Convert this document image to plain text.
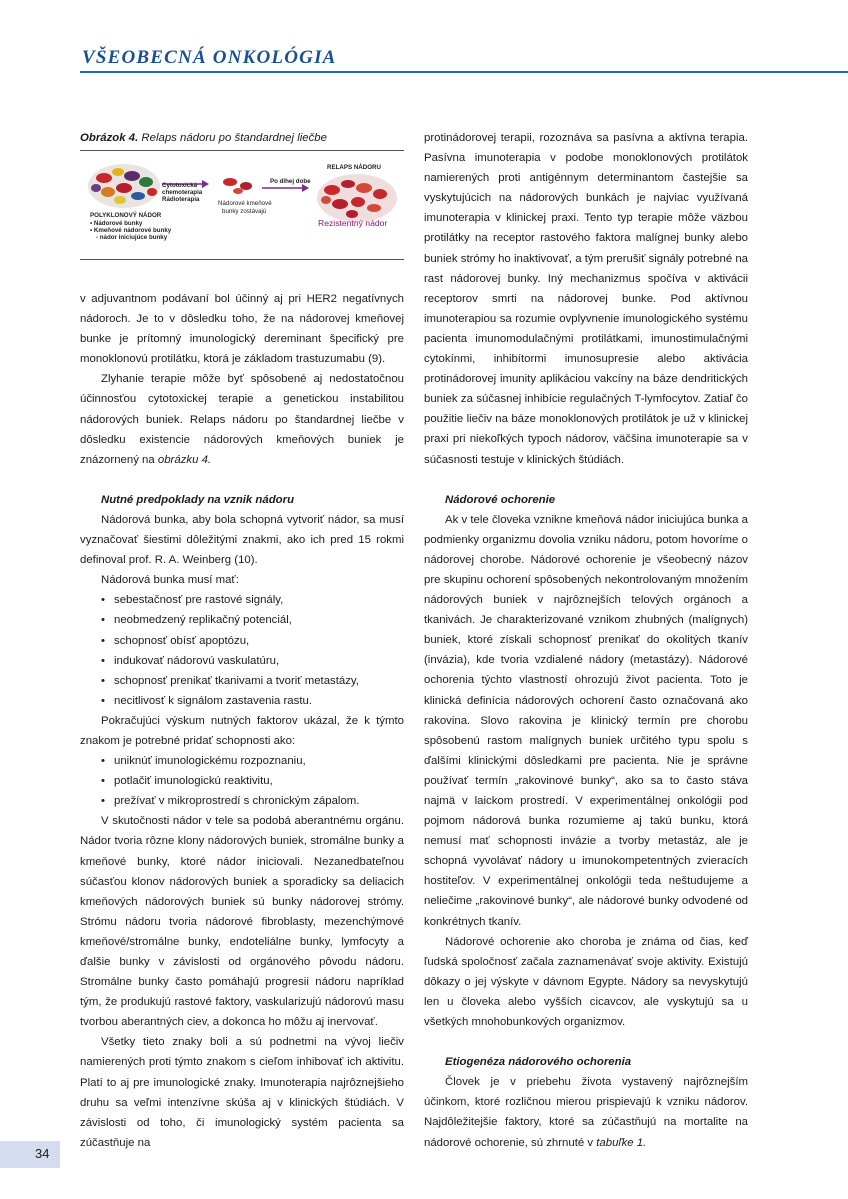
VŠEOBECNÁ ONKOLÓGIA
Obrázok 4. Relaps nádoru po štandardnej liečbe
Cytotoxická
chemoterapia
Rádioterapia
Po dlhej dobe
RELAPS NÁDORU
Nádorové kmeňové
bunky zostávajú
POLYKLONOVÝ NÁDOR
• Nádorové bunky
• Kmeňové nádorové bunky
- nádor iniciujúce bunky
Rezistentný nádor

v adjuvantnom podávaní bol účinný aj pri HER2 negatívnych nádoroch. Je to v dôsledku toho, že na nádorovej kmeňovej bunke je prítomný imunologický dereminant špecifický pre monoklonovú protilátku, ktorá je základom trastuzumabu (9).

Zlyhanie terapie môže byť spôsobené aj nedostatočnou účinnosťou cytotoxickej terapie a genetickou instabilitou nádorových buniek. Relaps nádoru po štandardnej liečbe v dôsledku existencie nádorových kmeňových buniek je znázornený na obrázku 4.

Nutné predpoklady na vznik nádoru

Nádorová bunka, aby bola schopná vytvoriť nádor, sa musí vyznačovať šiestimi dôležitými znakmi, ako ich pred 15 rokmi definoval prof. R. A. Weinberg (10).

Nádorová bunka musí mať:

• sebestačnosť pre rastové signály,
• neobmedzený replikačný potenciál,
• schopnosť obísť apoptózu,
• indukovať nádorovú vaskulatúru,
• schopnosť prenikať tkanivami a tvoriť metastázy,
• necitlivosť k signálom zastavenia rastu.

Pokračujúci výskum nutných faktorov ukázal, že k týmto znakom je potrebné pridať schopnosti ako:

• uniknúť imunologickému rozpoznaniu,
• potlačiť imunologickú reaktivitu,
• prežívať v mikroprostredí s chronickým zápalom.

V skutočnosti nádor v tele sa podobá aberantnému orgánu. Nádor tvoria rôzne klony nádorových buniek, stromálne bunky a kmeňové bunky, ktoré nádor iniciovali. Nezanedbateľnou súčasťou klonov nádorových buniek a sporadicky sa deliacich kmeňových nádorových buniek sú bunky nádorovej strómy. Strómu nádoru tvoria nádorové fibroblasty, mezenchýmové kmeňové/stromálne bunky, endoteliálne bunky, lymfocyty a ďalšie bunky v závislosti od orgánového pôvodu nádoru. Stromálne bunky často pomáhajú progresii nádoru napríklad tým, že produkujú rastové faktory, vaskularizujú nádorovú masu tvorbou aberantných ciev, a dokonca ho môžu aj inervovať.

Všetky tieto znaky boli a sú podnetmi na vývoj liečiv namierených proti týmto znakom s cieľom inhibovať ich aktivitu. Platí to aj pre imunologické znaky. Imunoterapia najrôznejšieho druhu sa veľmi intenzívne skúša aj v klinických štúdiách. V závislosti od toho, či imunologický systém pacienta sa zúčastňuje na

protinádorovej terapii, rozoznáva sa pasívna a aktívna terapia. Pasívna imunoterapia v podobe monoklonových protilátok namierených proti antigénnym determinantom častejšie sa vyskytujúcich na nádorových bunkách je najviac využívaná imunoterapia v klinickej praxi. Tento typ terapie môže väzbou protilátky na receptor rastového faktora malígnej bunky alebo buniek strómy ho inaktivovať, a tým prerušiť signály potrebné na rast nádorovej bunky. Iný mechanizmus spočíva v aktivácii receptorov smrti na nádorovej bunke. Pod aktívnou imunoterapiou sa rozumie ovplyvnenie imunologického systému pacienta imunomodulačnými protilátkami, imunostimulačnými cytokínmi, inhibítormi imunosupresie alebo aktivácia protinádorovej imunity aplikáciou vakcíny na báze dendritických buniek za súčasnej inhibície regulačných T-lymfocytov. Zatiaľ čo použitie liečiv na báze monoklonových protilátok je už v klinickej praxi pri niekoľkých typoch nádorov, väčšina imunoterapie sa v súčasnosti testuje v klinických štúdiách.

Nádorové ochorenie

Ak v tele človeka vznikne kmeňová nádor iniciujúca bunka a podmienky organizmu dovolia vzniku nádoru, potom hovoríme o nádorovej chorobe. Nádorové ochorenie je všeobecný názov pre skupinu ochorení spôsobených nekontrolovaným množením nádorových buniek v najrôznejších telových orgánoch a tkanivách. Je charakterizované vznikom zhubných (malígnych) buniek, ktoré získali schopnosť prenikať do okolitých tkanív (invázia), kde tvoria vzdialené nádory (metastázy). Nádorové ochorenia týchto vlastností ohrozujú život pacienta. Toto je klinická definícia nádorových ochorení často označovaná ako rakovina. Slovo rakovina je klinický termín pre chorobu spôsobenú rastom malígnych buniek určitého typu spolu s ďalšími klinickými dôsledkami pre pacienta. Nie je správne používať termín „rakovinové bunky“, ako sa to často stáva najmä v laickom prostredí. V experimentálnej onkológii pod pojmom nádorová bunka rozumieme aj takú bunku, ktorá nemusí mať schopnosti invázie a tvorby metastáz, ale je schopná vyvolávať nádory u imunokompetentných zvieracích hostiteľov. V experimentálnej onkológii teda neštudujeme a neliečime „rakovinové bunky“, ale nádorové bunky odvodené od konkrétnych tkanív.

Nádorové ochorenie ako choroba je známa od čias, keď ľudská spoločnosť začala zaznamenávať svoje aktivity. Existujú dôkazy o jej výskyte v dávnom Egypte. Nádory sa nevyskytujú len u človeka alebo vyšších cicavcov, ale vyskytujú sa u všetkých mnohobunkových organizmov.

Etiogenéza nádorového ochorenia

Človek je v priebehu života vystavený najrôznejším účinkom, ktoré rozličnou mierou prispievajú k vzniku nádorov. Najdôležitejšie faktory, ktoré sa zúčastňujú na mortalite na nádorové ochorenie, sú zhrnuté v tabuľke 1.

34
